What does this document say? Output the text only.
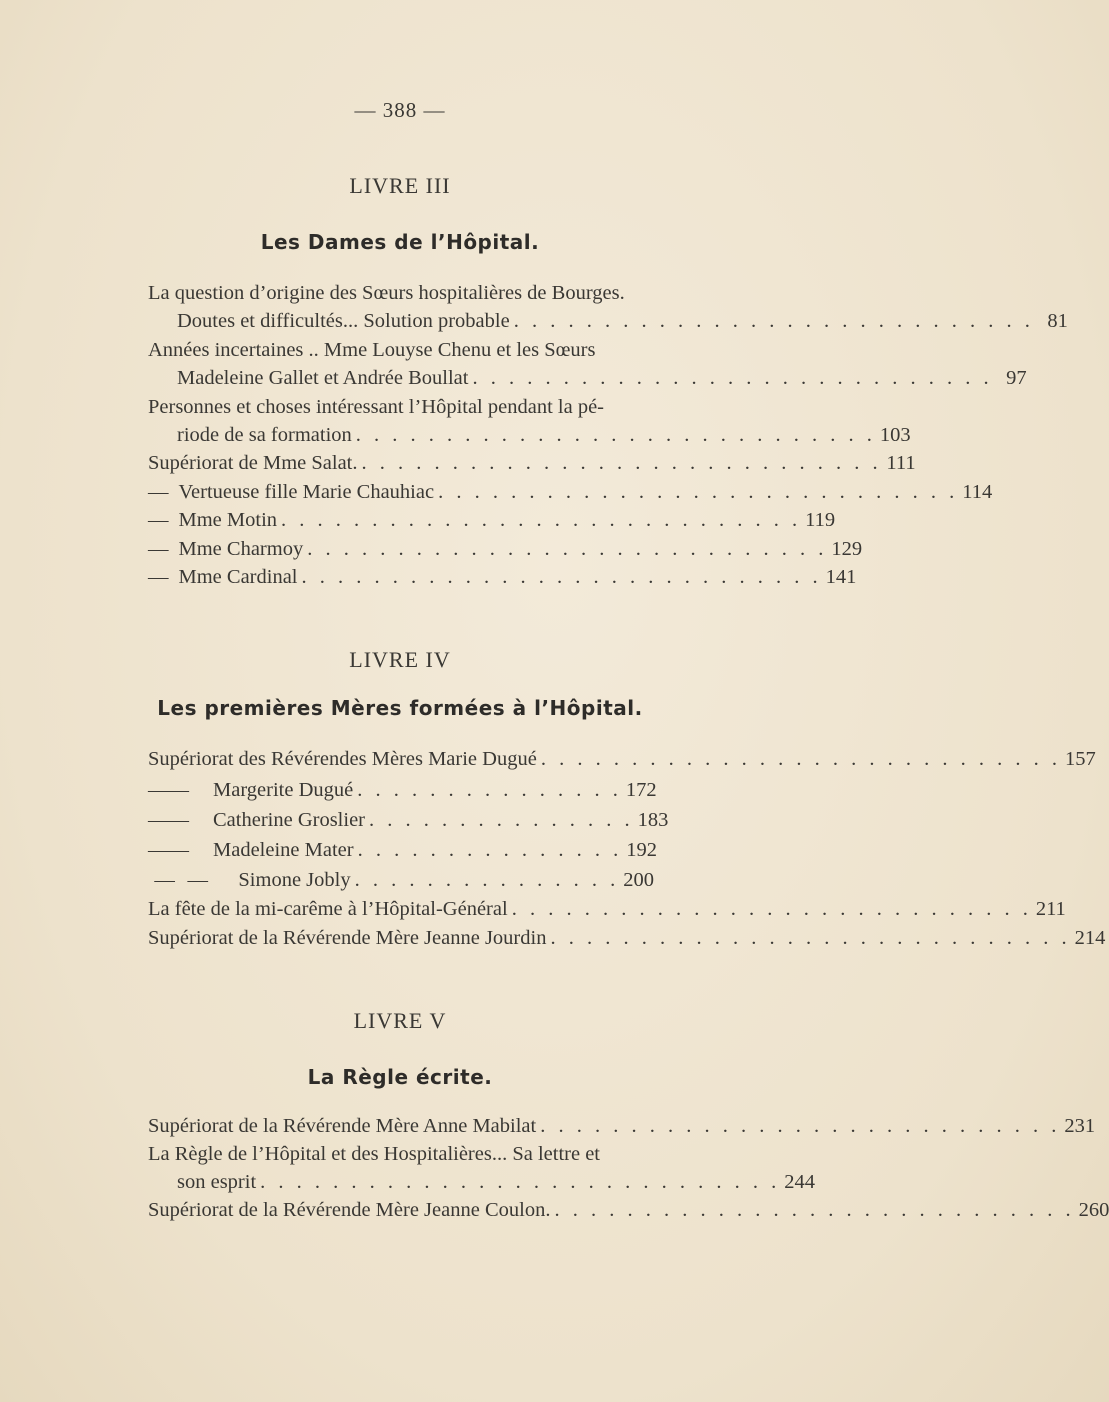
— 388 —
LIVRE III
Les Dames de l’Hôpital.
La question d’origine des Sœurs hospitalières de Bourges.
Doutes et difficultés... Solution probable . . . . . . . . . . . . . . . . . . . . . . . . . . . . . 81
Années incertaines .. Mme Louyse Chenu et les Sœurs
Madeleine Gallet et Andrée Boullat . . . . . . . . . . . . . . . . . . . . . . . . . . . . . 97
Personnes et choses intéressant l’Hôpital pendant la pé-
riode de sa formation . . . . . . . . . . . . . . . . . . . . . . . . . . . . . 103
Supériorat de Mme Salat. . . . . . . . . . . . . . . . . . . . . . . . . . . . . . 111
— Vertueuse fille Marie Chauhiac . . . . . . . . . . . . . . . . . . . . . . . . . . . . . 114
— Mme Motin . . . . . . . . . . . . . . . . . . . . . . . . . . . . . 119
— Mme Charmoy . . . . . . . . . . . . . . . . . . . . . . . . . . . . . 129
— Mme Cardinal . . . . . . . . . . . . . . . . . . . . . . . . . . . . . 141
LIVRE IV
Les premières Mères formées à l’Hôpital.
Supériorat des Révérendes Mères Marie Dugué . . . . . . . . . . . . . . . . . . . . . . . . . . . . . 157
— — Margerite Dugué . . . . . . . . . . . . . . . 172
— — Catherine Groslier . . . . . . . . . . . . . . . 183
— — Madeleine Mater . . . . . . . . . . . . . . . 192
— —	Simone Jobly . . . . . . . . . . . . . . . 200
La fête de la mi-carême à l’Hôpital-Général . . . . . . . . . . . . . . . . . . . . . . . . . . . . . 211
Supériorat de la Révérende Mère Jeanne Jourdin . . . . . . . . . . . . . . . . . . . . . . . . . . . . . 214
LIVRE V
La Règle écrite.
Supériorat de la Révérende Mère Anne Mabilat . . . . . . . . . . . . . . . . . . . . . . . . . . . . . 231
La Règle de l’Hôpital et des Hospitalières... Sa lettre et
son esprit . . . . . . . . . . . . . . . . . . . . . . . . . . . . . 244
Supériorat de la Révérende Mère Jeanne Coulon. . . . . . . . . . . . . . . . . . . . . . . . . . . . . . 260
